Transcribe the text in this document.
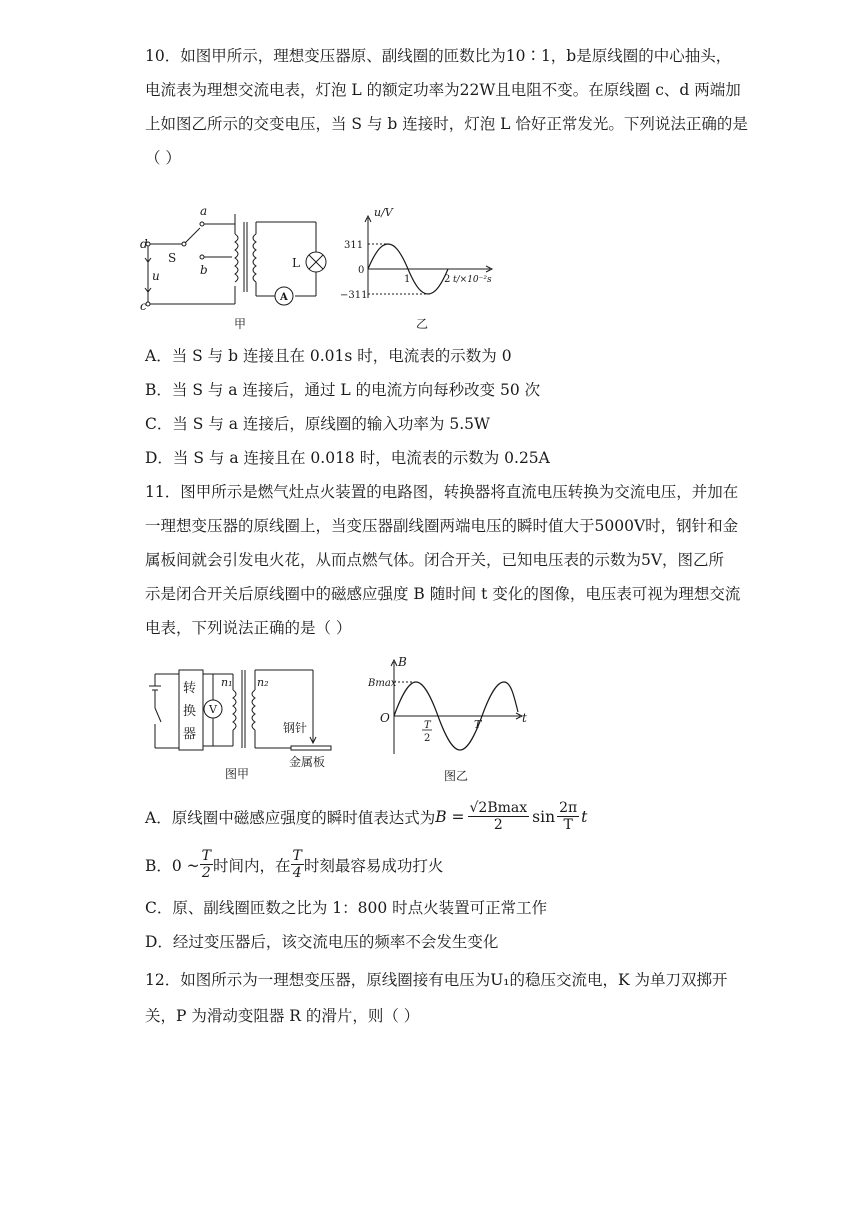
10．如图甲所示，理想变压器原、副线圈的匝数比为10∶1，b是原线圈的中心抽头，
电流表为理想交流电表，灯泡 L 的额定功率为22W且电阻不变。在原线圈 c、d 两端加
上如图乙所示的交变电压，当 S 与 b 连接时，灯泡 L 恰好正常发光。下列说法正确的是
（ ）
a
d
S
u	b
c
L
A
甲
u/V
311
0
−311
1	2 t/×10⁻²s
乙
A．当 S 与 b 连接且在 0.01s 时，电流表的示数为 0
B．当 S 与 a 连接后，通过 L 的电流方向每秒改变 50 次
C．当 S 与 a 连接后，原线圈的输入功率为 5.5W
D．当 S 与 a 连接且在 0.018 时，电流表的示数为 0.25A
11．图甲所示是燃气灶点火装置的电路图，转换器将直流电压转换为交流电压，并加在
一理想变压器的原线圈上，当变压器副线圈两端电压的瞬时值大于5000V时，钢针和金
属板间就会引发电火花，从而点燃气体。闭合开关，已知电压表的示数为5V，图乙所
示是闭合开关后原线圈中的磁感应强度 B 随时间 t 变化的图像，电压表可视为理想交流
电表，下列说法正确的是（ ）
转
换
器
V
n₁ n₂
钢针
金属板
图甲
B
Bmax
O
T
2
T	t
图乙
A．原线圈中磁感应强度的瞬时值表达式为 $B = \frac{√2Bmax}{2}$ $\sin \frac{2\pi}{T}$ t
B．0 ~ $\frac{T}{2}$ 时间内，在 $\frac{T}{4}$ 时刻最容易成功打火
C．原、副线圈匝数之比为 1：800 时点火装置可正常工作
D．经过变压器后，该交流电压的频率不会发生变化
12．如图所示为一理想变压器，原线圈接有电压为U₁的稳压交流电，K 为单刀双掷开
关，P 为滑动变阻器 R 的滑片，则（ ）
